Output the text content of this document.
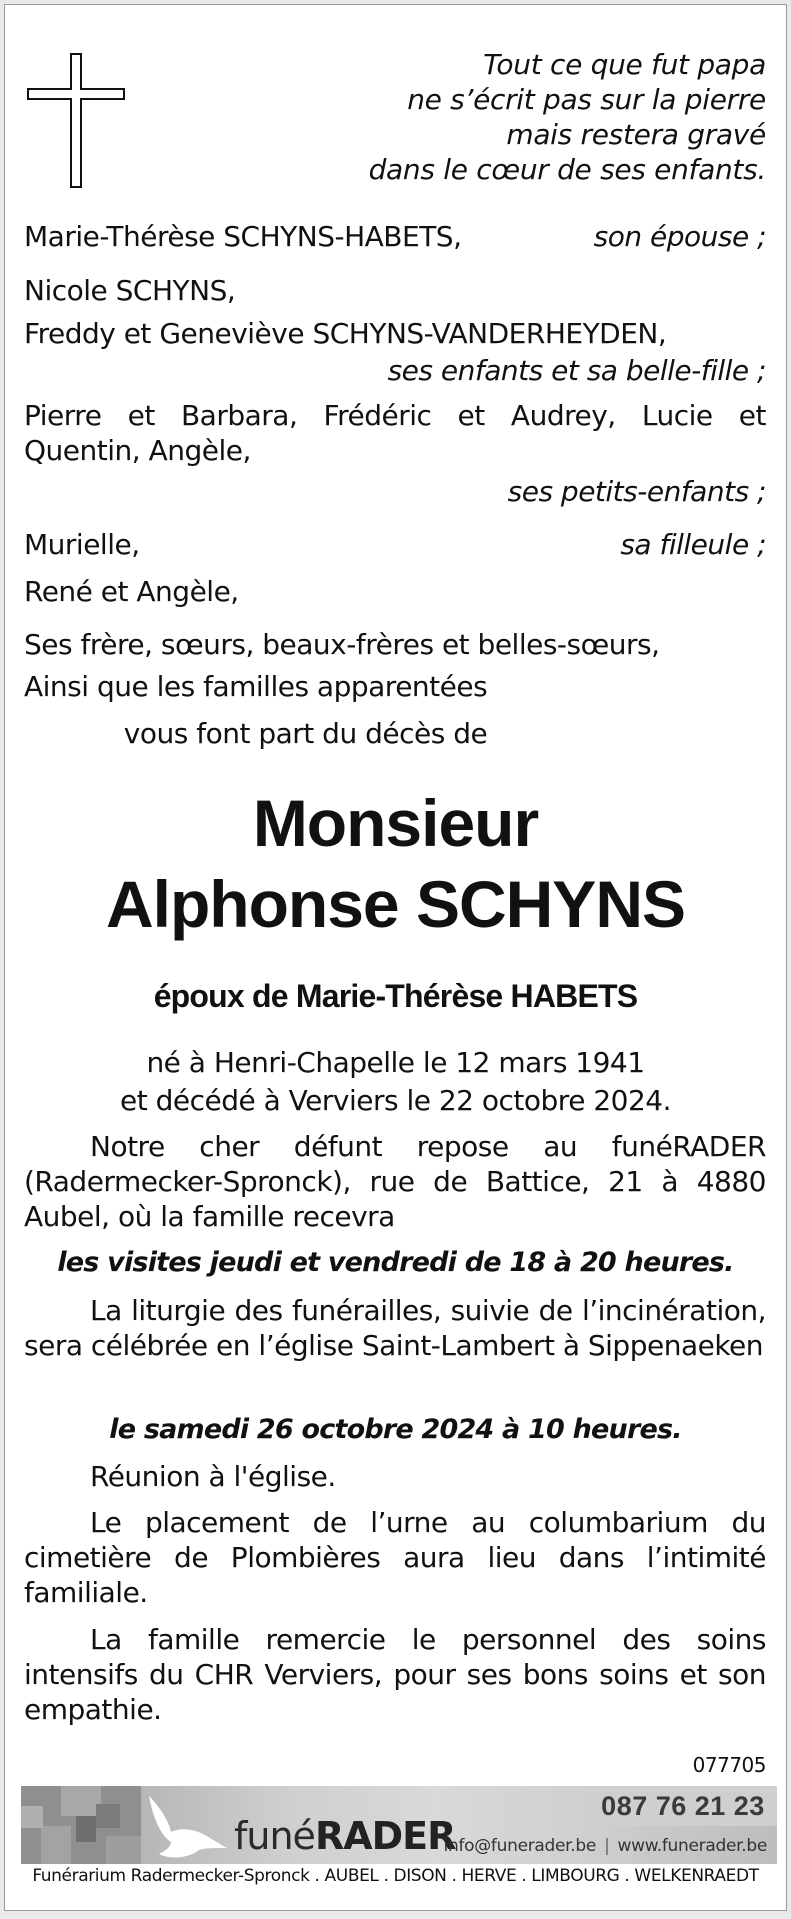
Tout ce que fut papa
ne s’écrit pas sur la pierre
mais restera gravé
dans le cœur de ses enfants.
Marie-Thérèse SCHYNS-HABETS,	son épouse ;
Nicole SCHYNS,
Freddy et Geneviève SCHYNS-VANDERHEYDEN,
ses enfants et sa belle-fille ;
Pierre et Barbara, Frédéric et Audrey, Lucie et Quentin, Angèle,
ses petits-enfants ;
Murielle,	sa filleule ;
René et Angèle,
Ses frère, sœurs, beaux-frères et belles-sœurs,
Ainsi que les familles apparentées
vous font part du décès de
Monsieur
Alphonse SCHYNS
époux de Marie-Thérèse HABETS
né à Henri-Chapelle le 12 mars 1941
et décédé à Verviers le 22 octobre 2024.
Notre cher défunt repose au funéRADER (Radermecker-Spronck), rue de Battice, 21 à 4880 Aubel, où la famille recevra
les visites jeudi et vendredi de 18 à 20 heures.
La liturgie des funérailles, suivie de l’incinération, sera célébrée en l’église Saint-Lambert à Sippenaeken
le samedi 26 octobre 2024 à 10 heures.
Réunion à l'église.
Le placement de l’urne au columbarium du cimetière de Plombières aura lieu dans l’intimité familiale.
La famille remercie le personnel des soins intensifs du CHR Verviers, pour ses bons soins et son empathie.
077705
funéRADER
087 76 21 23
info@funerader.be | www.funerader.be
Funérarium Radermecker-Spronck . AUBEL . DISON . HERVE . LIMBOURG . WELKENRAEDT
